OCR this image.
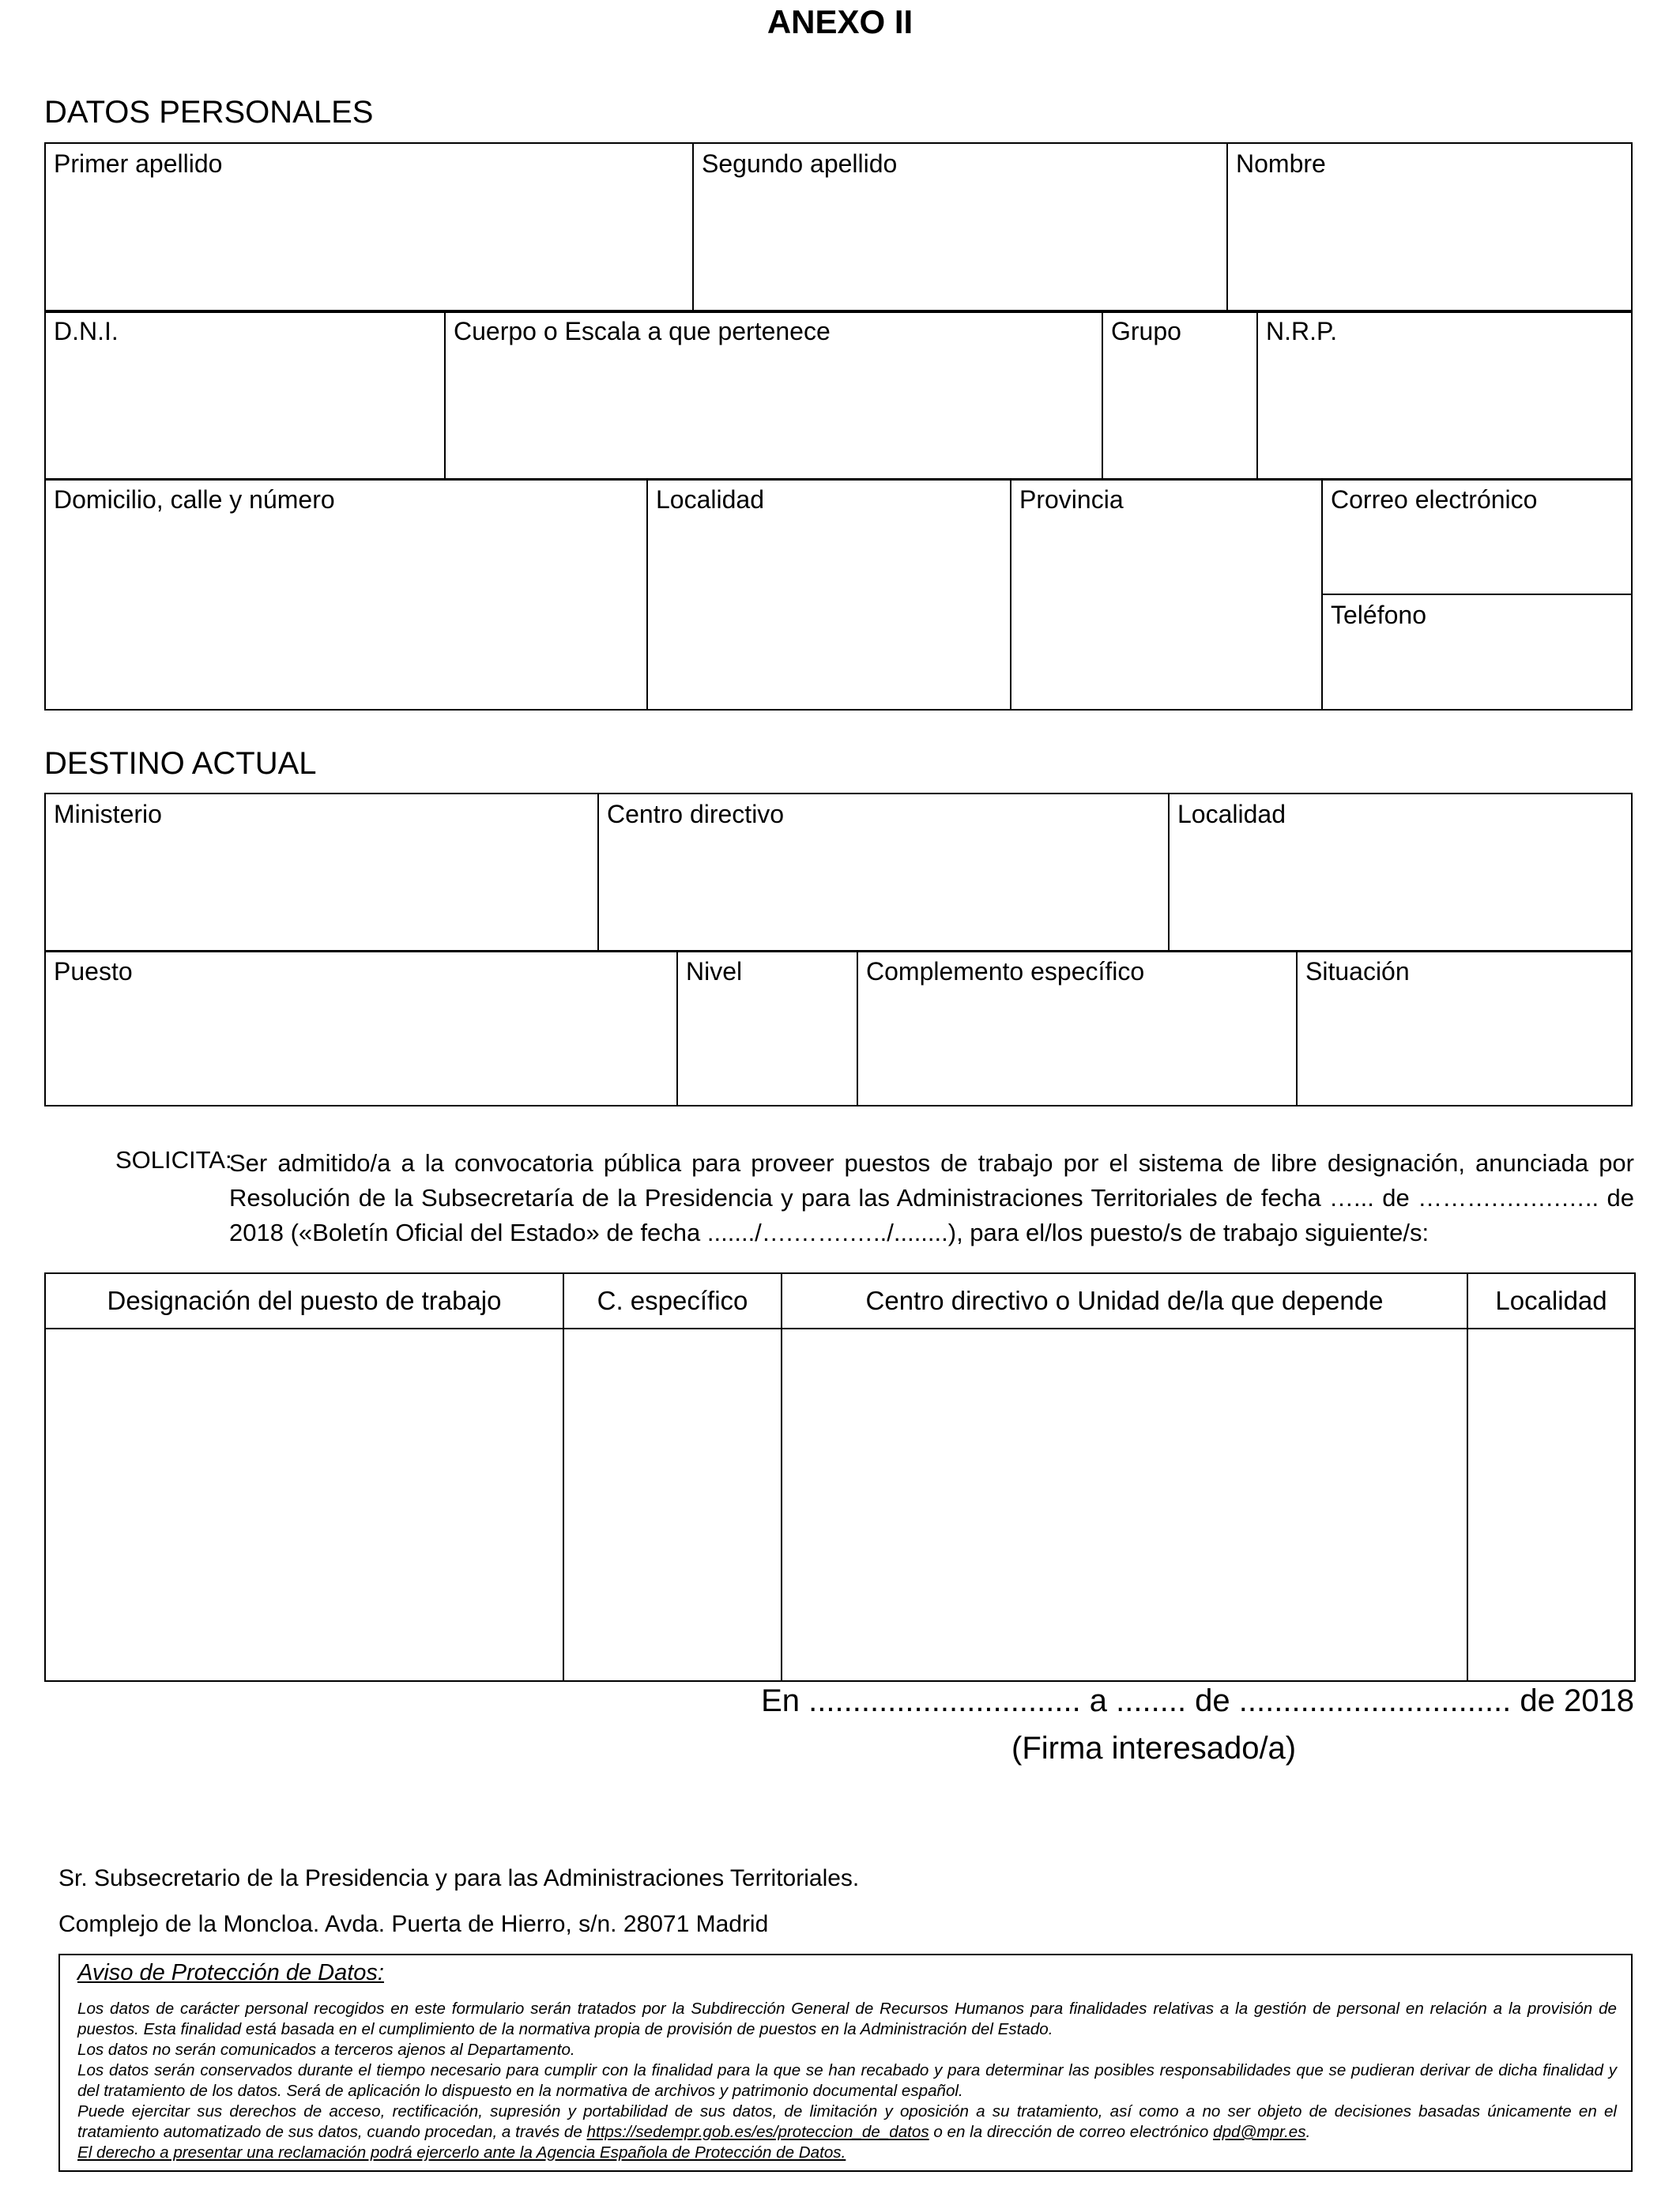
ANEXO II
DATOS PERSONALES
Primer apellido	Segundo apellido	Nombre
D.N.I.	Cuerpo o Escala a que pertenece	Grupo	N.R.P.
Domicilio, calle y número	Localidad	Provincia	Correo electrónico
Teléfono
DESTINO ACTUAL
Ministerio	Centro directivo	Localidad
Puesto	Nivel	Complemento específico	Situación
SOLICITA:
Ser admitido/a a la convocatoria pública para proveer puestos de trabajo por el sistema de libre designación, anunciada por Resolución de la Subsecretaría de la Presidencia y para las Administraciones Territoriales de fecha …... de ……….….….….. de 2018 («Boletín Oficial del Estado» de fecha ......./….…….…../........), para el/los puesto/s de trabajo siguiente/s:
Designación del puesto de trabajo	C. específico	Centro directivo o Unidad de/la que depende	Localidad

En ............................... a ........ de ............................... de 2018
(Firma interesado/a)
Sr. Subsecretario de la Presidencia y para las Administraciones Territoriales.
Complejo de la Moncloa. Avda. Puerta de Hierro, s/n. 28071 Madrid
Aviso de Protección de Datos:

Los datos de carácter personal recogidos en este formulario serán tratados por la Subdirección General de Recursos Humanos para finalidades relativas a la gestión de personal en relación a la provisión de puestos. Esta finalidad está basada en el cumplimiento de la normativa propia de provisión de puestos en la Administración del Estado.

Los datos no serán comunicados a terceros ajenos al Departamento.

Los datos serán conservados durante el tiempo necesario para cumplir con la finalidad para la que se han recabado y para determinar las posibles responsabilidades que se pudieran derivar de dicha finalidad y del tratamiento de los datos. Será de aplicación lo dispuesto en la normativa de archivos y patrimonio documental español.

Puede ejercitar sus derechos de acceso, rectificación, supresión y portabilidad de sus datos, de limitación y oposición a su tratamiento, así como a no ser objeto de decisiones basadas únicamente en el tratamiento automatizado de sus datos, cuando procedan, a través de https://sedempr.gob.es/es/proteccion_de_datos o en la dirección de correo electrónico dpd@mpr.es.

El derecho a presentar una reclamación podrá ejercerlo ante la Agencia Española de Protección de Datos.
